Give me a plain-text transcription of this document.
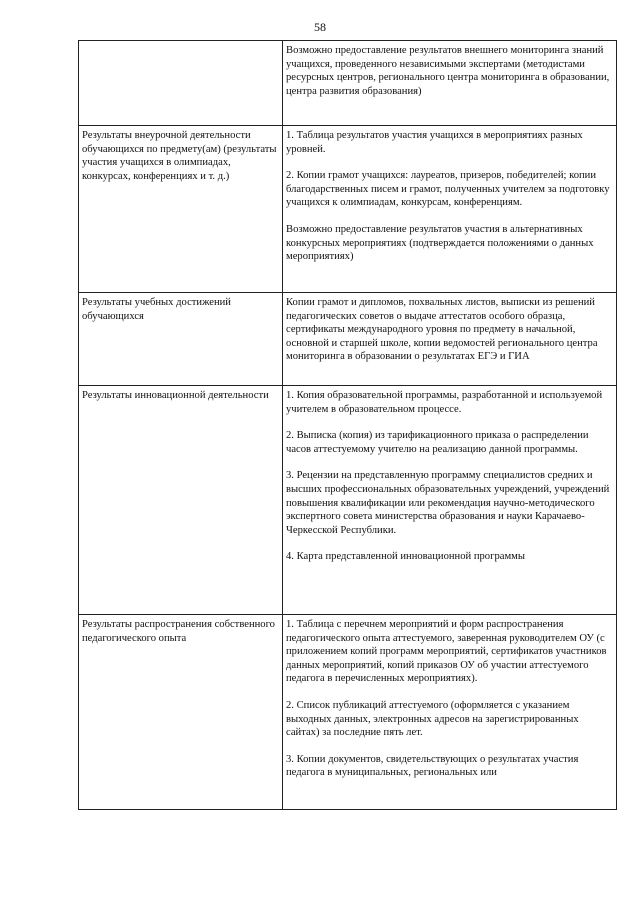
58

	Возможно предоставление результатов внешнего мониторинга знаний учащихся, проведенного независимыми экспертами (методистами ресурсных центров, регионального центра мониторинга в образовании, центра развития образования)

Результаты внеурочной деятельности обучающихся по предмету(ам) (результаты участия учащихся в олимпиадах, конкурсах, конференциях и т. д.)	1. Таблица результатов участия учащихся в мероприятиях разных уровней.

2. Копии грамот учащихся: лауреатов, призеров, победителей; копии благодарственных писем и грамот, полученных учителем за подготовку учащихся к олимпиадам, конкурсам, конференциям.

Возможно предоставление результатов участия в альтернативных конкурсных мероприятиях (подтверждается положениями о данных мероприятиях)

Результаты учебных достижений обучающихся	Копии грамот и дипломов, похвальных листов, выписки из решений педагогических советов о выдаче аттестатов особого образца, сертификаты международного уровня по предмету в начальной, основной и старшей школе, копии ведомостей регионального центра мониторинга в образовании о результатах ЕГЭ и ГИА

Результаты инновационной деятельности	1. Копия образовательной программы, разработанной и используемой учителем в образовательном процессе.

2. Выписка (копия) из тарификационного приказа о распределении часов аттестуемому учителю на реализацию данной программы.

3. Рецензии на представленную программу специалистов средних и высших профессиональных образовательных учреждений, учреждений повышения квалификации или рекомендация научно-методического экспертного совета министерства образования и науки Карачаево-Черкесской Республики.

4. Карта представленной инновационной программы

Результаты распространения собственного педагогического опыта	1. Таблица с перечнем мероприятий и форм распространения педагогического опыта аттестуемого, заверенная руководителем ОУ (с приложением копий программ мероприятий, сертификатов участников данных мероприятий, копий приказов ОУ об участии аттестуемого педагога в перечисленных мероприятиях).

2. Список публикаций аттестуемого (оформляется с указанием выходных данных, электронных адресов на зарегистрированных сайтах) за последние пять лет.

3. Копии документов, свидетельствующих о результатах участия педагога в муниципальных, региональных или
